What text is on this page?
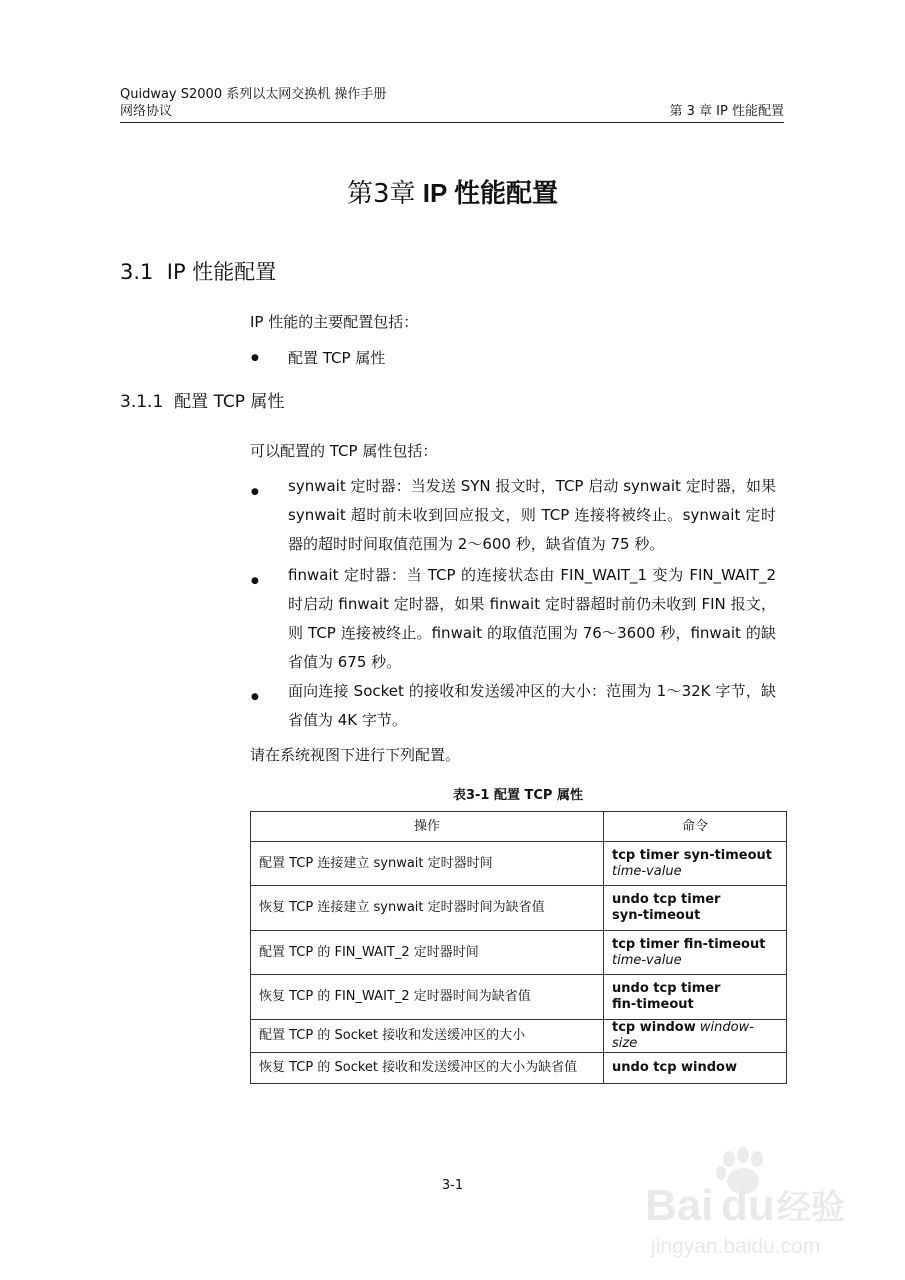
Quidway S2000 系列以太网交换机 操作手册
网络协议	第 3 章 IP 性能配置
第3章 IP 性能配置
3.1 IP 性能配置
IP 性能的主要配置包括：
● 配置 TCP 属性
3.1.1 配置 TCP 属性
可以配置的 TCP 属性包括：
● synwait 定时器：当发送 SYN 报文时，TCP 启动 synwait 定时器，如果 synwait 超时前未收到回应报文，则 TCP 连接将被终止。synwait 定时器的超时时间取值范围为 2～600 秒，缺省值为 75 秒。
● finwait 定时器：当 TCP 的连接状态由 FIN_WAIT_1 变为 FIN_WAIT_2 时启动 finwait 定时器，如果 finwait 定时器超时前仍未收到 FIN 报文，则 TCP 连接被终止。finwait 的取值范围为 76～3600 秒，finwait 的缺省值为 675 秒。
● 面向连接 Socket 的接收和发送缓冲区的大小：范围为 1～32K 字节，缺省值为 4K 字节。
请在系统视图下进行下列配置。
表3-1 配置 TCP 属性
操作	命令
配置 TCP 连接建立 synwait 定时器时间	tcp timer syn-timeout
time-value
恢复 TCP 连接建立 synwait 定时器时间为缺省值	undo tcp timer
syn-timeout
配置 TCP 的 FIN_WAIT_2 定时器时间	tcp timer fin-timeout
time-value
恢复 TCP 的 FIN_WAIT_2 定时器时间为缺省值	undo tcp timer
fin-timeout
配置 TCP 的 Socket 接收和发送缓冲区的大小	tcp window window-size
恢复 TCP 的 Socket 接收和发送缓冲区的大小为缺省值	undo tcp window
3-1	Bai du 经验
jingyan.baidu.com
